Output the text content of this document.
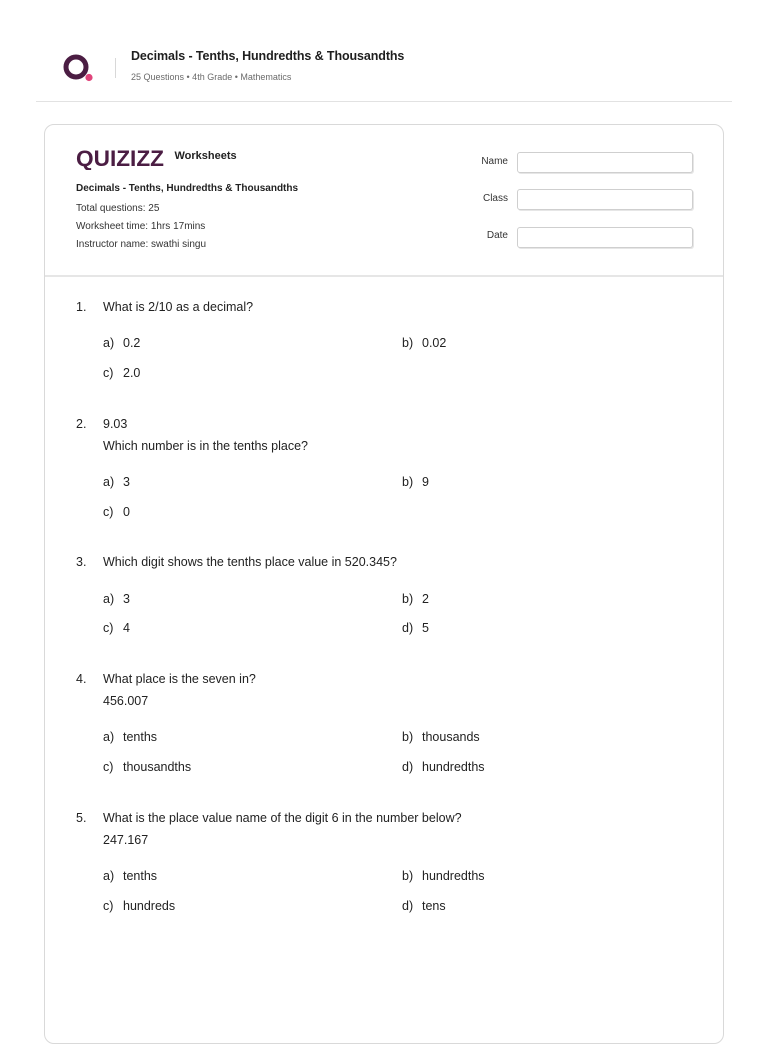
Decimals - Tenths, Hundredths & Thousandths
25 Questions • 4th Grade • Mathematics
QUIZIZZ Worksheets
Decimals - Tenths, Hundredths & Thousandths
Total questions: 25
Worksheet time: 1hrs 17mins
Instructor name: swathi singu
Name
Class
Date
1. What is 2/10 as a decimal?
a) 0.2	b) 0.02
c) 2.0
2. 9.03
Which number is in the tenths place?
a) 3	b) 9
c) 0
3. Which digit shows the tenths place value in 520.345?
a) 3	b) 2
c) 4	d) 5
4. What place is the seven in?
456.007
a) tenths	b) thousands
c) thousandths	d) hundredths
5. What is the place value name of the digit 6 in the number below?
247.167
a) tenths	b) hundredths
c) hundreds	d) tens
